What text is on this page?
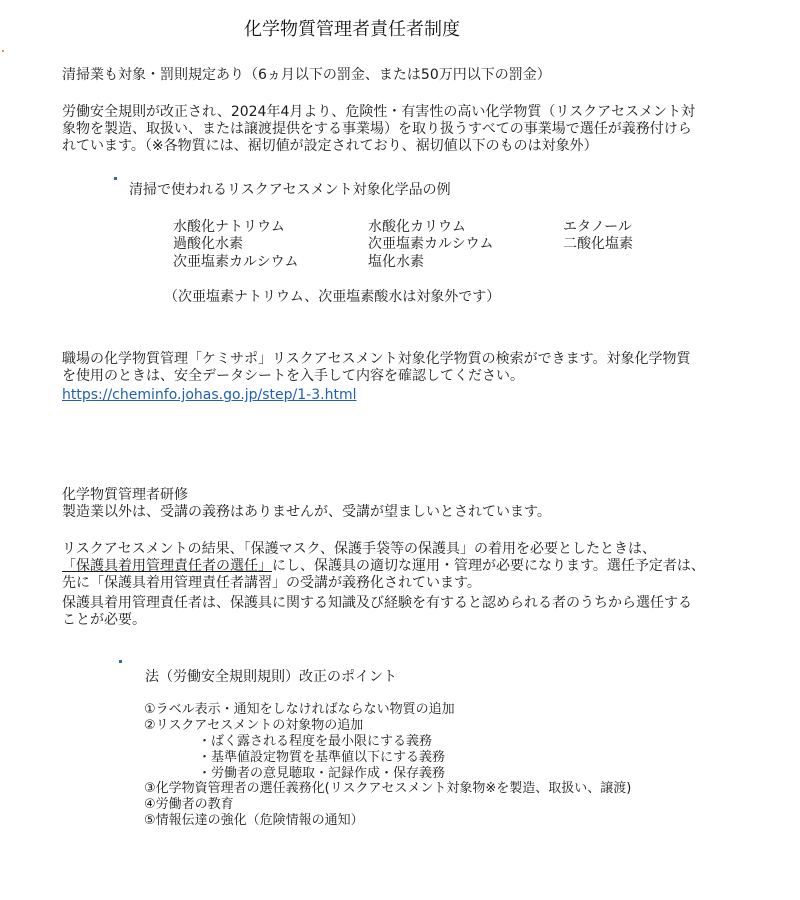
化学物質管理者責任者制度
清掃業も対象・罰則規定あり（6ヵ月以下の罰金、または50万円以下の罰金）
労働安全規則が改正され、2024年4月より、危険性・有害性の高い化学物質（リスクアセスメント対
象物を製造、取扱い、または譲渡提供をする事業場）を取り扱うすべての事業場で選任が義務付けら
れています。（※各物質には、裾切値が設定されており、裾切値以下のものは対象外）
清掃で使われるリスクアセスメント対象化学品の例
水酸化ナトリウム
過酸化水素
次亜塩素カルシウム
水酸化カリウム
次亜塩素カルシウム
塩化水素
エタノール
二酸化塩素
（次亜塩素ナトリウム、次亜塩素酸水は対象外です）
職場の化学物質管理「ケミサポ」リスクアセスメント対象化学物質の検索ができます。対象化学物質
を使用のときは、安全データシートを入手して内容を確認してください。
https://cheminfo.johas.go.jp/step/1-3.html
化学物質管理者研修
製造業以外は、受講の義務はありませんが、受講が望ましいとされています。
リスクアセスメントの結果、「保護マスク、保護手袋等の保護具」の着用を必要としたときは、
「保護具着用管理責任者の選任」にし、保護具の適切な運用・管理が必要になります。選任予定者は、
先に「保護具着用管理責任者講習」の受講が義務化されています。
保護具着用管理責任者は、保護具に関する知識及び経験を有すると認められる者のうちから選任する
ことが必要。
法（労働安全規則規則）改正のポイント
①ラベル表示・通知をしなければならない物質の追加
②リスクアセスメントの対象物の追加
・ばく露される程度を最小限にする義務
・基準値設定物質を基準値以下にする義務
・労働者の意見聴取・記録作成・保存義務
③化学物資管理者の選任義務化(リスクアセスメント対象物※を製造、取扱い、譲渡)
④労働者の教育
⑤情報伝達の強化（危険情報の通知）
